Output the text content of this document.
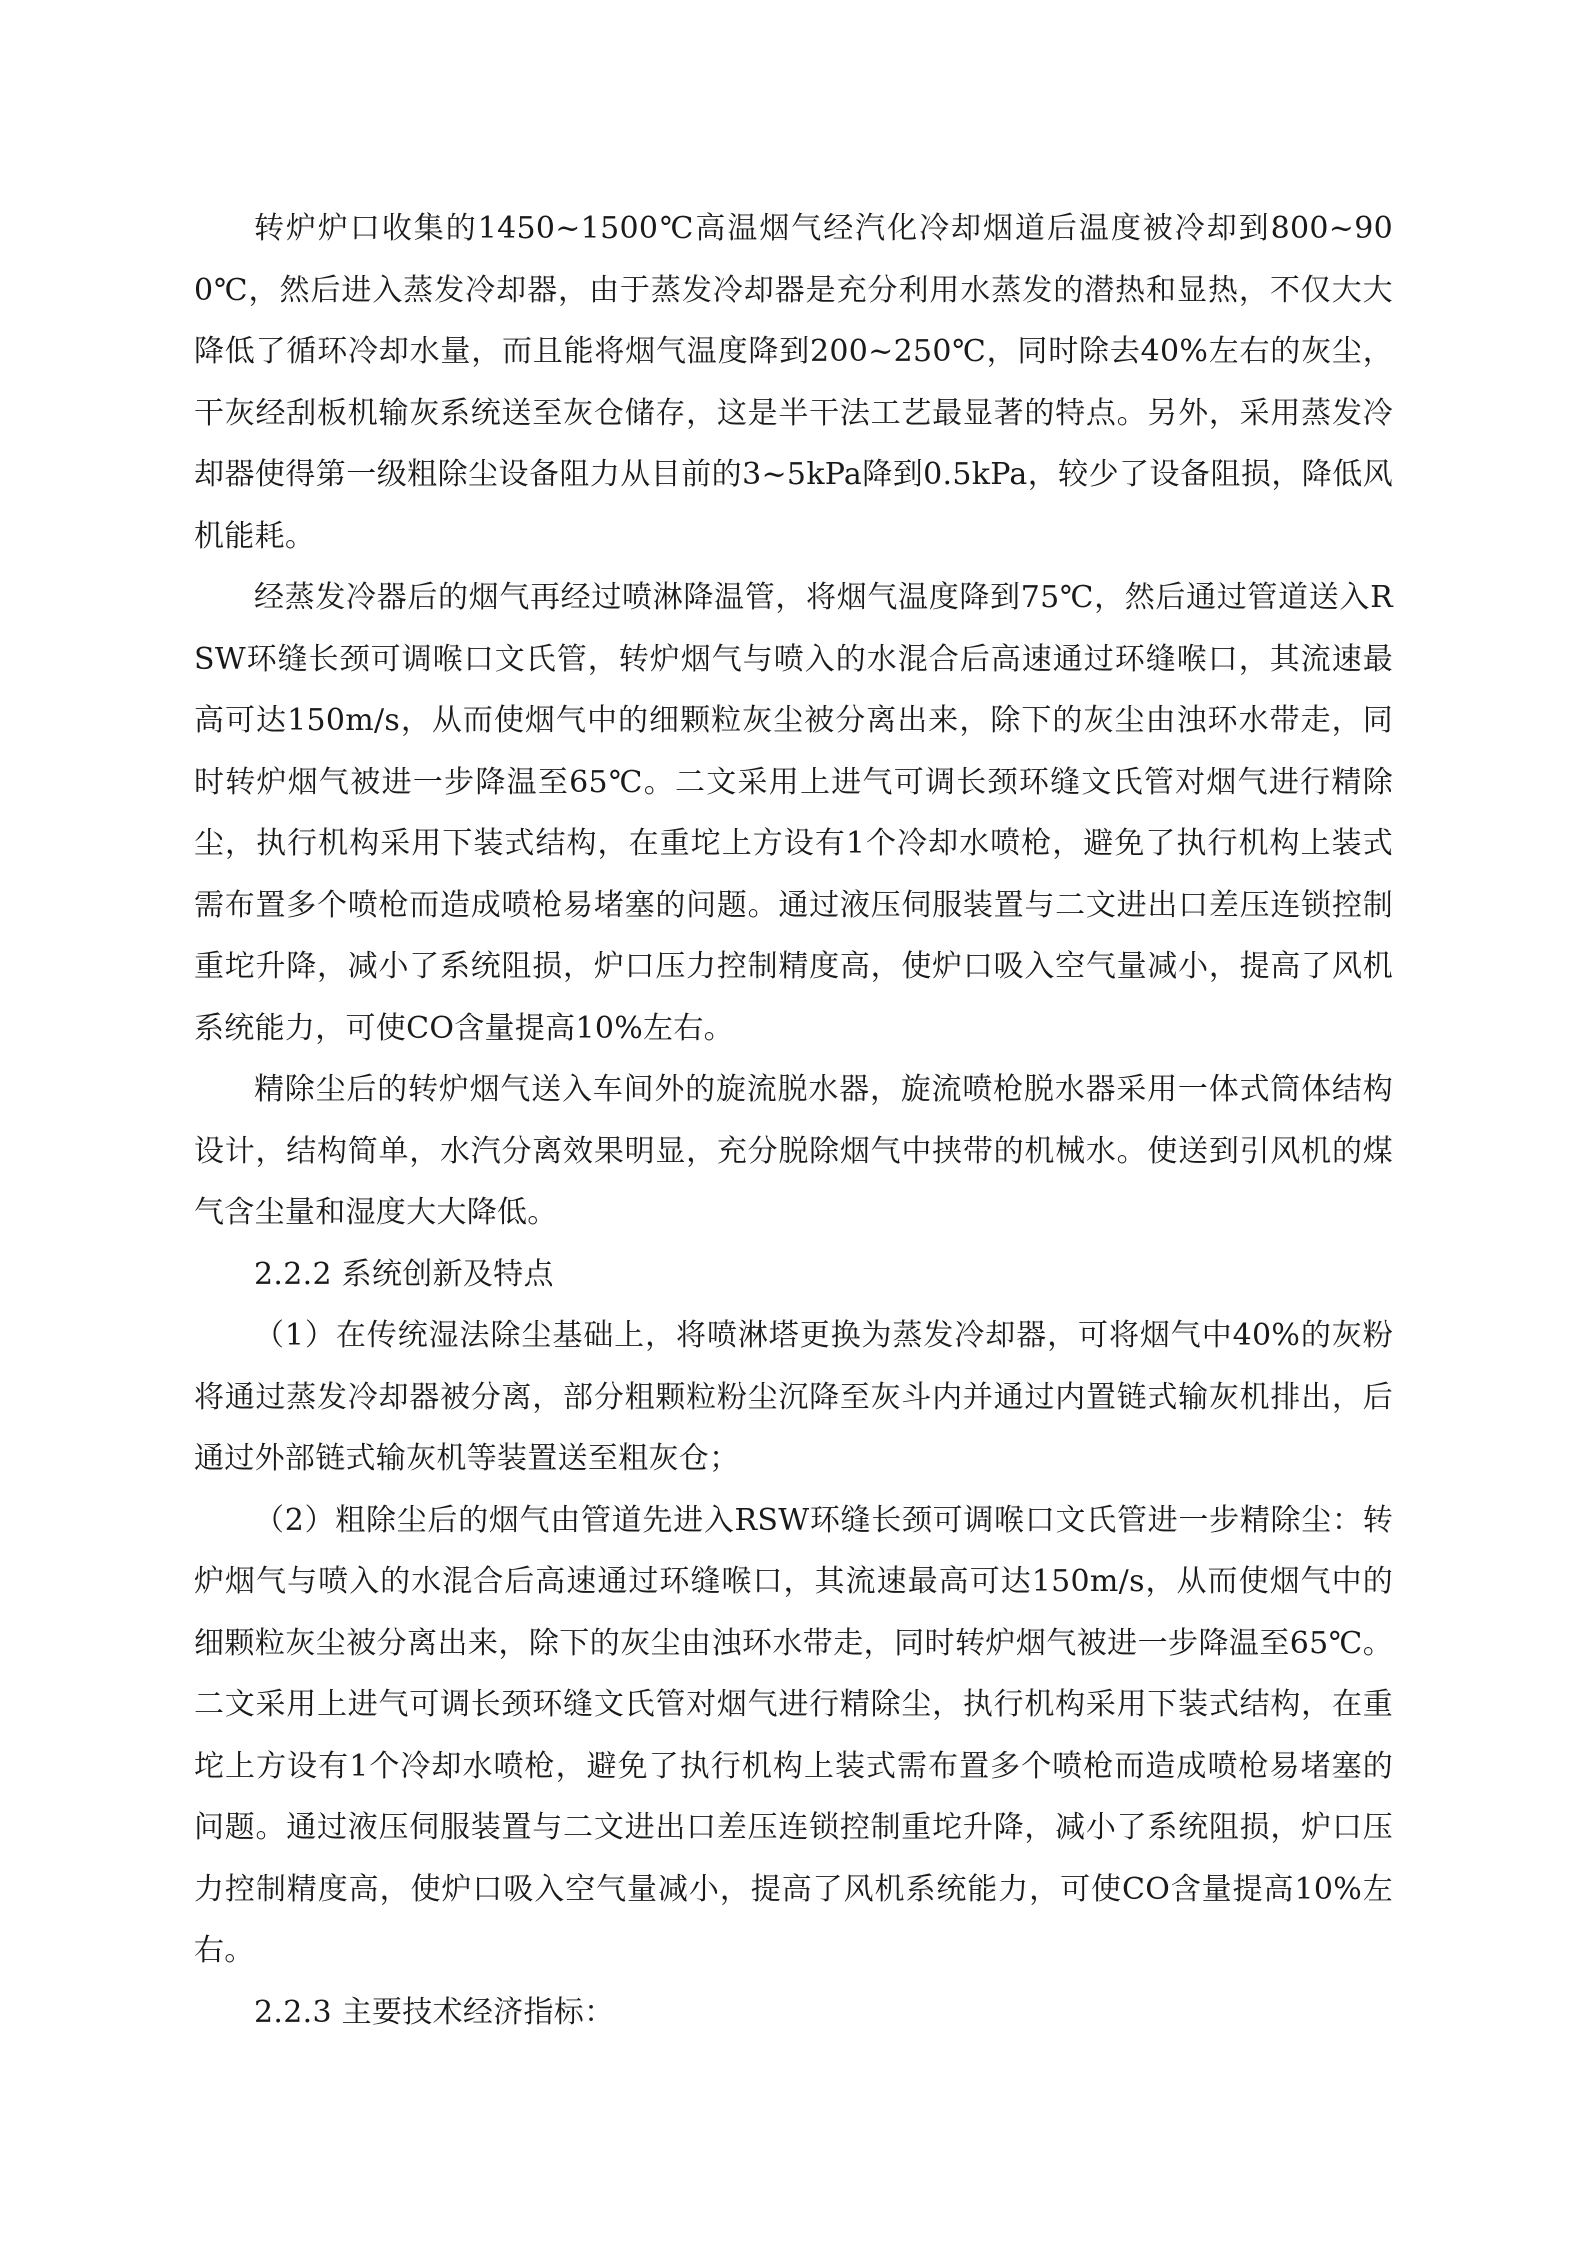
转炉炉口收集的1450~1500℃高温烟气经汽化冷却烟道后温度被冷却到800~900℃，然后进入蒸发冷却器，由于蒸发冷却器是充分利用水蒸发的潜热和显热，不仅大大降低了循环冷却水量，而且能将烟气温度降到200~250℃，同时除去40%左右的灰尘，干灰经刮板机输灰系统送至灰仓储存，这是半干法工艺最显著的特点。另外，采用蒸发冷却器使得第一级粗除尘设备阻力从目前的3~5kPa降到0.5kPa，较少了设备阻损，降低风机能耗。

经蒸发冷器后的烟气再经过喷淋降温管，将烟气温度降到75℃，然后通过管道送入RSW环缝长颈可调喉口文氏管，转炉烟气与喷入的水混合后高速通过环缝喉口，其流速最高可达150m/s，从而使烟气中的细颗粒灰尘被分离出来，除下的灰尘由浊环水带走，同时转炉烟气被进一步降温至65℃。二文采用上进气可调长颈环缝文氏管对烟气进行精除尘，执行机构采用下装式结构，在重坨上方设有1个冷却水喷枪，避免了执行机构上装式需布置多个喷枪而造成喷枪易堵塞的问题。通过液压伺服装置与二文进出口差压连锁控制重坨升降，减小了系统阻损，炉口压力控制精度高，使炉口吸入空气量减小，提高了风机系统能力，可使CO含量提高10%左右。

精除尘后的转炉烟气送入车间外的旋流脱水器，旋流喷枪脱水器采用一体式筒体结构设计，结构简单，水汽分离效果明显，充分脱除烟气中挟带的机械水。使送到引风机的煤气含尘量和湿度大大降低。

2.2.2 系统创新及特点

（1）在传统湿法除尘基础上，将喷淋塔更换为蒸发冷却器，可将烟气中40%的灰粉将通过蒸发冷却器被分离，部分粗颗粒粉尘沉降至灰斗内并通过内置链式输灰机排出，后通过外部链式输灰机等装置送至粗灰仓；

（2）粗除尘后的烟气由管道先进入RSW环缝长颈可调喉口文氏管进一步精除尘：转炉烟气与喷入的水混合后高速通过环缝喉口，其流速最高可达150m/s，从而使烟气中的细颗粒灰尘被分离出来，除下的灰尘由浊环水带走，同时转炉烟气被进一步降温至65℃。二文采用上进气可调长颈环缝文氏管对烟气进行精除尘，执行机构采用下装式结构，在重坨上方设有1个冷却水喷枪，避免了执行机构上装式需布置多个喷枪而造成喷枪易堵塞的问题。通过液压伺服装置与二文进出口差压连锁控制重坨升降，减小了系统阻损，炉口压力控制精度高，使炉口吸入空气量减小，提高了风机系统能力，可使CO含量提高10%左右。

2.2.3 主要技术经济指标：
